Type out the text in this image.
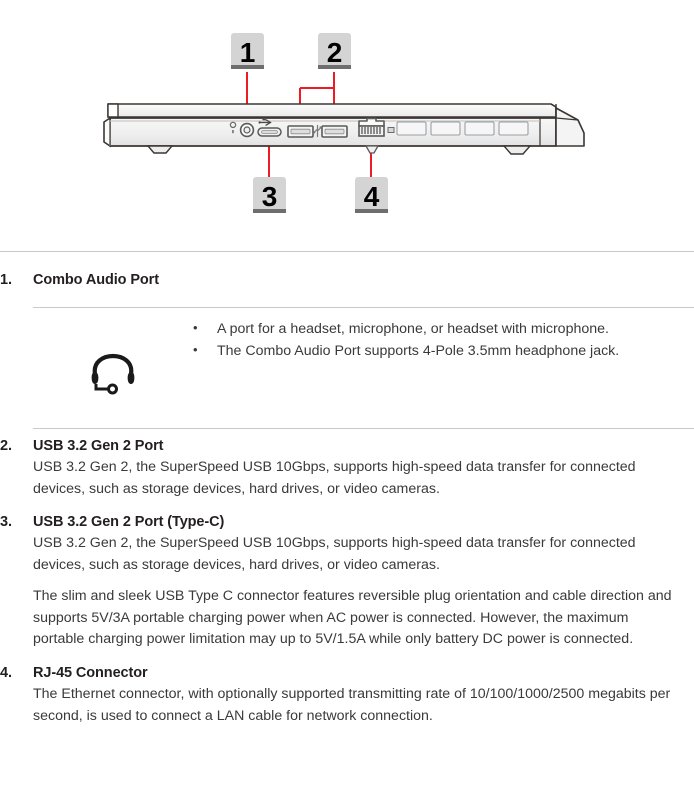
1	2
3	4
1.	Combo Audio Port
•	A port for a headset, microphone, or headset with microphone.
•	The Combo Audio Port supports 4-Pole 3.5mm headphone jack.
2.	USB 3.2 Gen 2 Port

USB 3.2 Gen 2, the SuperSpeed USB 10Gbps, supports high-speed data transfer for connected devices, such as storage devices, hard drives, or video cameras.

3.	USB 3.2 Gen 2 Port (Type-C)

USB 3.2 Gen 2, the SuperSpeed USB 10Gbps, supports high-speed data transfer for connected devices, such as storage devices, hard drives, or video cameras.

The slim and sleek USB Type C connector features reversible plug orientation and cable direction and supports 5V/3A portable charging power when AC power is connected. However, the maximum portable charging power limitation may up to 5V/1.5A while only battery DC power is connected.

4.	RJ-45 Connector

The Ethernet connector, with optionally supported transmitting rate of 10/100/1000/2500 megabits per second, is used to connect a LAN cable for network connection.
